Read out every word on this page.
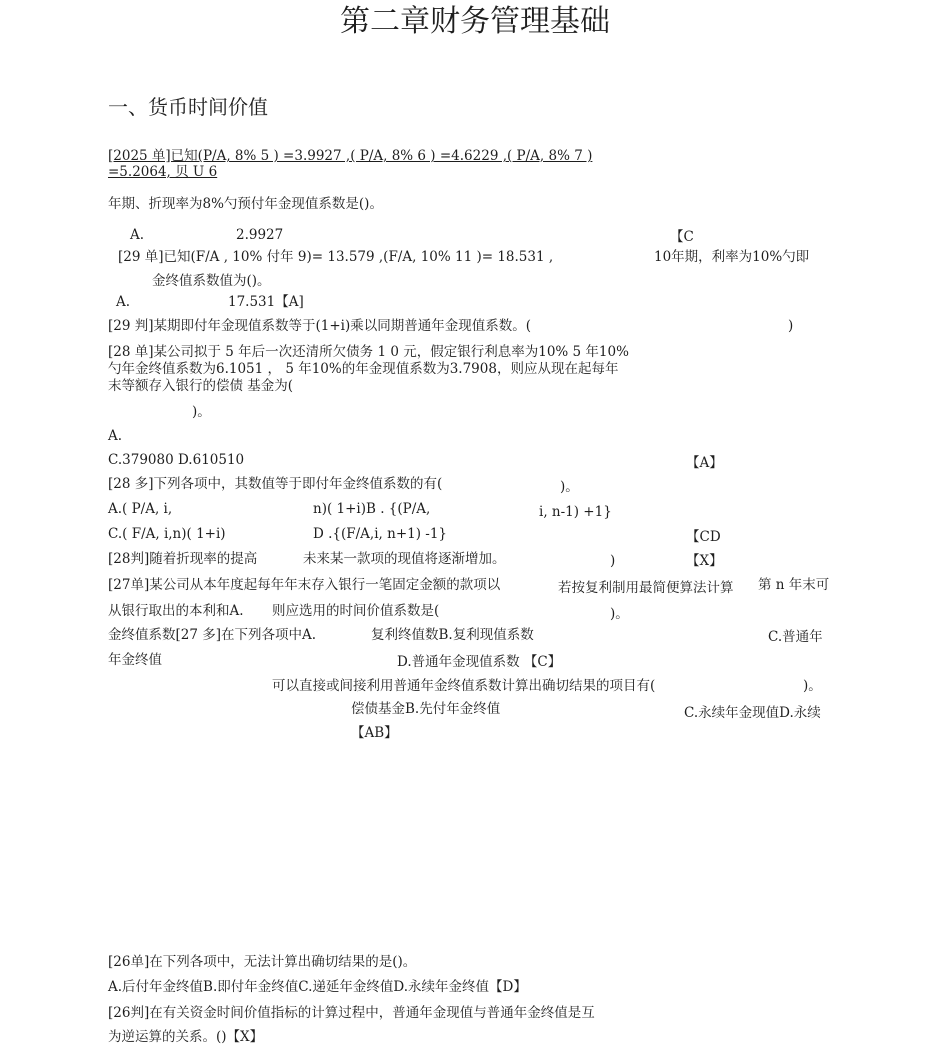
第二章财务管理基础
一、货币时间价值
[2025 单]已知(P/A, 8% 5 ) =3.9927 ,( P/A, 8% 6 ) =4.6229 ,( P/A, 8% 7 )
=5.2064, 贝 U 6
年期、折现率为8%勺预付年金现值系数是()。
A.	2.9927	【C
[29 单]已知(F/A , 10% 付年 9)= 13.579 ,(F/A, 10% 11 )= 18.531 ,	10年期，利率为10%勺即
金终值系数值为()。
A.	17.531【A]
[29 判]某期即付年金现值系数等于(1+i)乘以同期普通年金现值系数。(	)
[28 单]某公司拟于 5 年后一次还清所欠债务 1 0 元，假定银行利息率为10% 5 年10%
勺年金终值系数为6.1051 ， 5 年10%的年金现值系数为3.7908，则应从现在起每年
末等额存入银行的偿债 基金为(
)。
A.
C.379080 D.610510	【A】
[28 多]下列各项中，其数值等于即付年金终值系数的有(	)。
A.( P/A, i,	n)( 1+i)B . {(P/A,	i, n-1) +1}
C.( F/A, i,n)( 1+i)	D .{(F/A,i, n+1) -1}	【CD
[28判]随着折现率的提高	未来某一款项的现值将逐渐增加。	)	【X】
[27单]某公司从本年度起每年年末存入银行一笔固定金额的款项以	若按复利制用最简便算法计算 第 n 年末可
从银行取出的本利和A. 则应选用的时间价值系数是(	)。
金终值系数[27 多]在下列各项中A.	复利终值数B.复利现值系数	C.普通年
年金终值	D.普通年金现值系数 【C】
可以直接或间接利用普通年金终值系数计算出确切结果的项目有(	)。
偿债基金B.先付年金终值	C.永续年金现值D.永续
【AB】
[26单]在下列各项中，无法计算出确切结果的是()。
A.后付年金终值B.即付年金终值C.递延年金终值D.永续年金终值【D】
[26判]在有关资金时间价值指标的计算过程中，普通年金现值与普通年金终值是互
为逆运算的关系。()【X】
